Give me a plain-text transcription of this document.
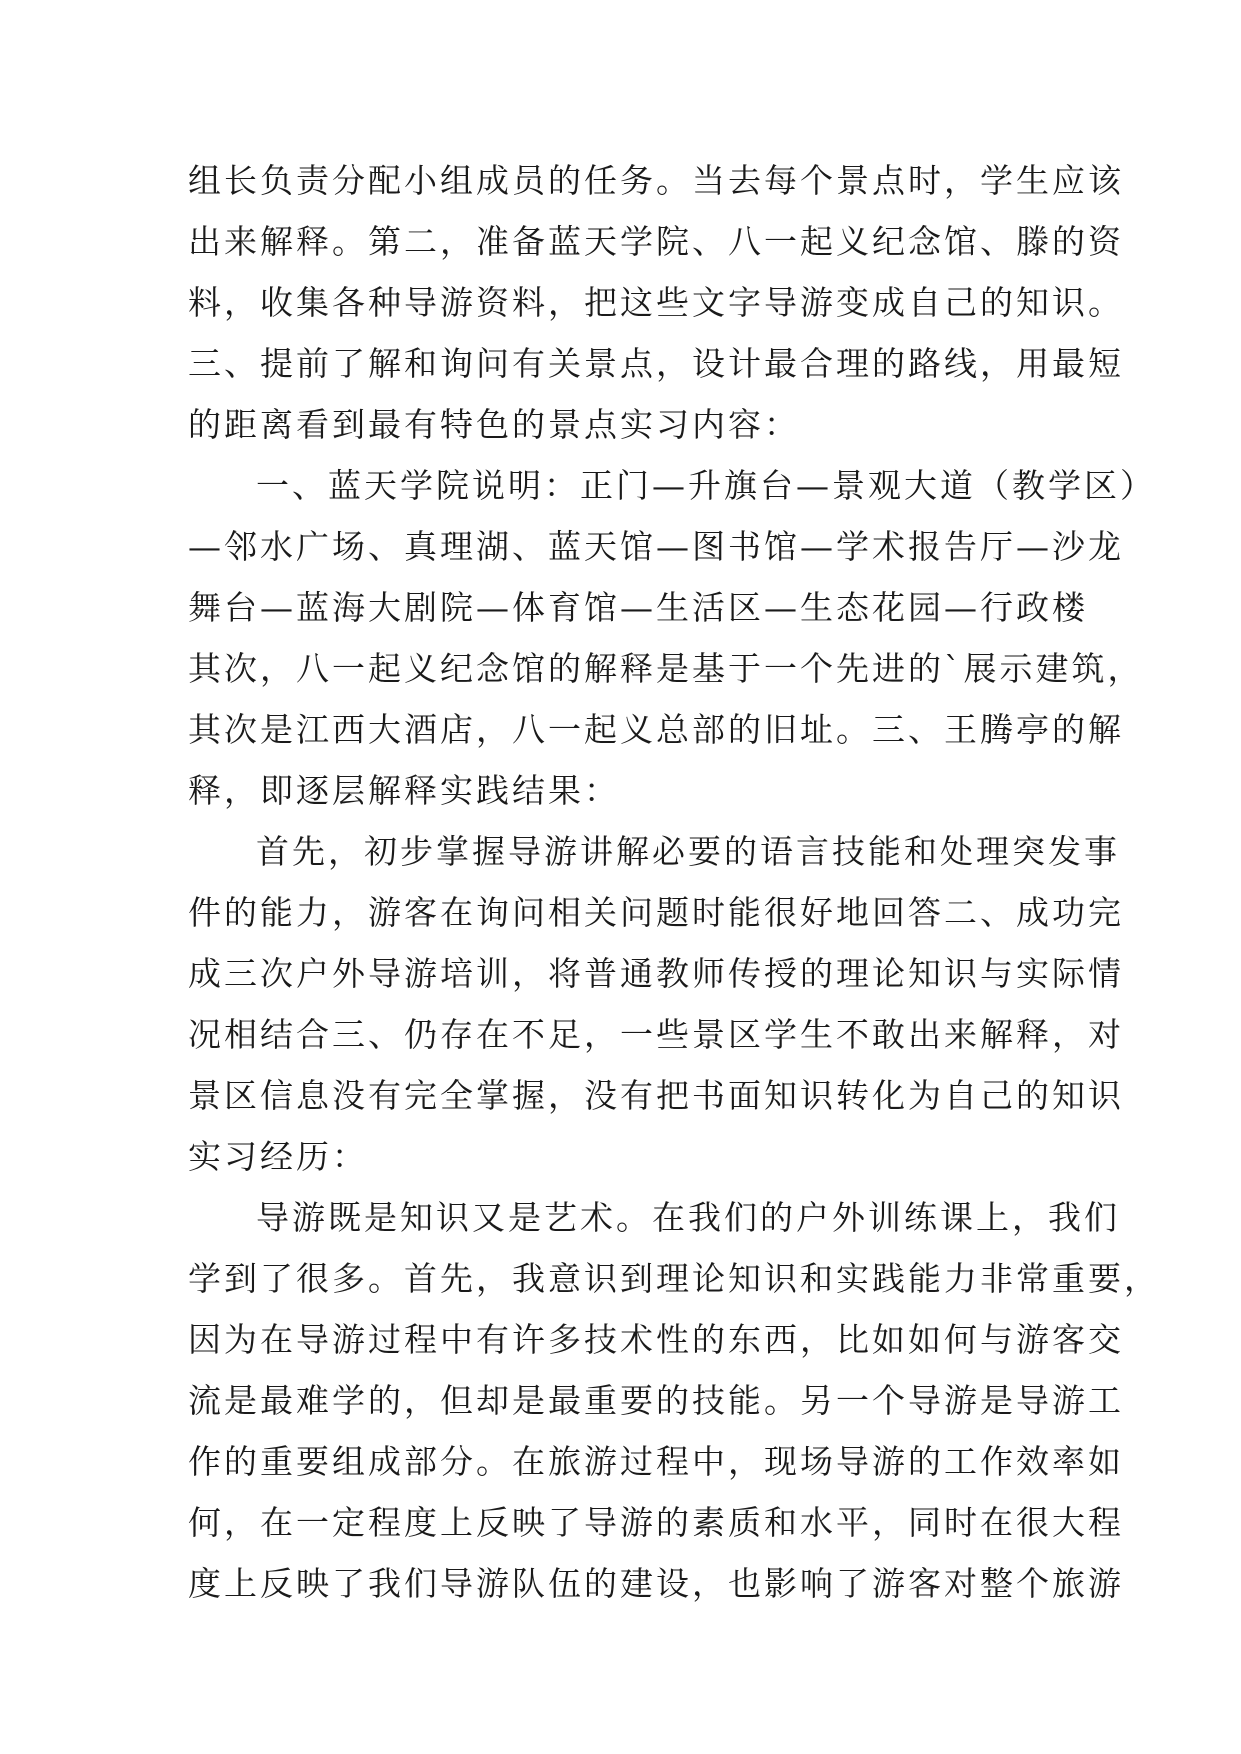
组长负责分配小组成员的任务。当去每个景点时，学生应该
出来解释。第二，准备蓝天学院、八一起义纪念馆、滕的资
料，收集各种导游资料，把这些文字导游变成自己的知识。
三、提前了解和询问有关景点，设计最合理的路线，用最短
的距离看到最有特色的景点实习内容：
一、蓝天学院说明：正门—升旗台—景观大道（教学区）
—邻水广场、真理湖、蓝天馆—图书馆—学术报告厅—沙龙
舞台—蓝海大剧院—体育馆—生活区—生态花园—行政楼
其次，八一起义纪念馆的解释是基于一个先进的`展示建筑，
其次是江西大酒店，八一起义总部的旧址。三、王腾亭的解
释，即逐层解释实践结果：
首先，初步掌握导游讲解必要的语言技能和处理突发事
件的能力，游客在询问相关问题时能很好地回答二、成功完
成三次户外导游培训，将普通教师传授的理论知识与实际情
况相结合三、仍存在不足，一些景区学生不敢出来解释，对
景区信息没有完全掌握，没有把书面知识转化为自己的知识
实习经历：
导游既是知识又是艺术。在我们的户外训练课上，我们
学到了很多。首先，我意识到理论知识和实践能力非常重要，
因为在导游过程中有许多技术性的东西，比如如何与游客交
流是最难学的，但却是最重要的技能。另一个导游是导游工
作的重要组成部分。在旅游过程中，现场导游的工作效率如
何，在一定程度上反映了导游的素质和水平，同时在很大程
度上反映了我们导游队伍的建设，也影响了游客对整个旅游
